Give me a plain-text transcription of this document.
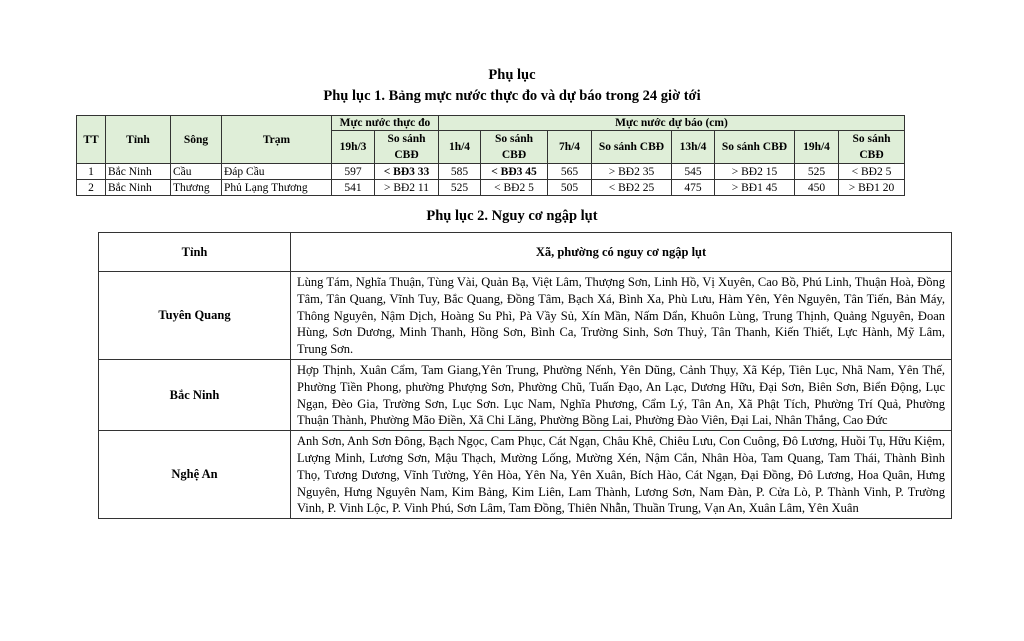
Phụ lục
Phụ lục 1. Bảng mực nước thực đo và dự báo trong 24 giờ tới
TT	Tỉnh	Sông	Trạm	Mực nước thực đo		Mực nước dự báo (cm)							
				19h/3	So sánh CBĐ	1h/4	So sánh CBĐ	7h/4	So sánh CBĐ	13h/4	So sánh CBĐ	19h/4	So sánh CBĐ
1	Bắc Ninh	Cầu	Đáp Cầu	597	< BĐ3 33	585	< BĐ3 45	565	> BĐ2 35	545	> BĐ2 15	525	< BĐ2 5
2	Bắc Ninh	Thương	Phủ Lạng Thương	541	> BĐ2 11	525	< BĐ2 5	505	< BĐ2 25	475	> BĐ1 45	450	> BĐ1 20
Phụ lục 2. Nguy cơ ngập lụt
Tỉnh	Xã, phường có nguy cơ ngập lụt
Tuyên Quang	Lùng Tám, Nghĩa Thuận, Tùng Vài, Quản Bạ, Việt Lâm, Thượng Sơn, Linh Hồ, Vị Xuyên, Cao Bồ, Phú Linh, Thuận Hoà, Đồng Tâm, Tân Quang, Vĩnh Tuy, Bắc Quang, Đồng Tâm, Bạch Xá, Bình Xa, Phù Lưu, Hàm Yên, Yên Nguyên, Tân Tiến, Bản Máy, Thông Nguyên, Nậm Dịch, Hoàng Su Phì, Pà Vầy Sủ, Xín Mần, Nấm Dẩn, Khuôn Lùng, Trung Thịnh, Quảng Nguyên, Đoan Hùng, Sơn Dương, Minh Thanh, Hồng Sơn, Bình Ca, Trường Sinh, Sơn Thuỷ, Tân Thanh, Kiến Thiết, Lực Hành, Mỹ Lâm, Trung Sơn.
Bắc Ninh	Hợp Thịnh, Xuân Cẩm, Tam Giang,Yên Trung, Phường Nếnh, Yên Dũng, Cảnh Thụy, Xã Kép, Tiên Lục, Nhã Nam, Yên Thế, Phường Tiền Phong, phường Phượng Sơn, Phường Chũ, Tuấn Đạo, An Lạc, Dương Hữu, Đại Sơn, Biên Sơn, Biển Động, Lục Ngạn, Đèo Gia, Trường Sơn, Lục Sơn. Lục Nam, Nghĩa Phương, Cẩm Lý, Tân An, Xã Phật Tích, Phường Trí Quả, Phường Thuận Thành, Phường Mão Điền, Xã Chi Lăng, Phường Bồng Lai, Phường Đào Viên, Đại Lai, Nhân Thắng, Cao Đức
Nghệ An	Anh Sơn, Anh Sơn Đông, Bạch Ngọc, Cam Phục, Cát Ngạn, Châu Khê, Chiêu Lưu, Con Cuông, Đô Lương, Huồi Tụ, Hữu Kiệm, Lượng Minh, Lương Sơn, Mậu Thạch, Mường Lống, Mường Xén, Nậm Cắn, Nhân Hòa, Tam Quang, Tam Thái, Thành Bình Thọ, Tương Dương, Vĩnh Tường, Yên Hòa, Yên Na, Yên Xuân, Bích Hào, Cát Ngạn, Đại Đồng, Đô Lương, Hoa Quân, Hưng Nguyên, Hưng Nguyên Nam, Kim Bảng, Kim Liên, Lam Thành, Lương Sơn, Nam Đàn, P. Cửa Lò, P. Thành Vinh, P. Trường Vinh, P. Vinh Lộc, P. Vinh Phú, Sơn Lâm, Tam Đồng, Thiên Nhẫn, Thuần Trung, Vạn An, Xuân Lâm, Yên Xuân
